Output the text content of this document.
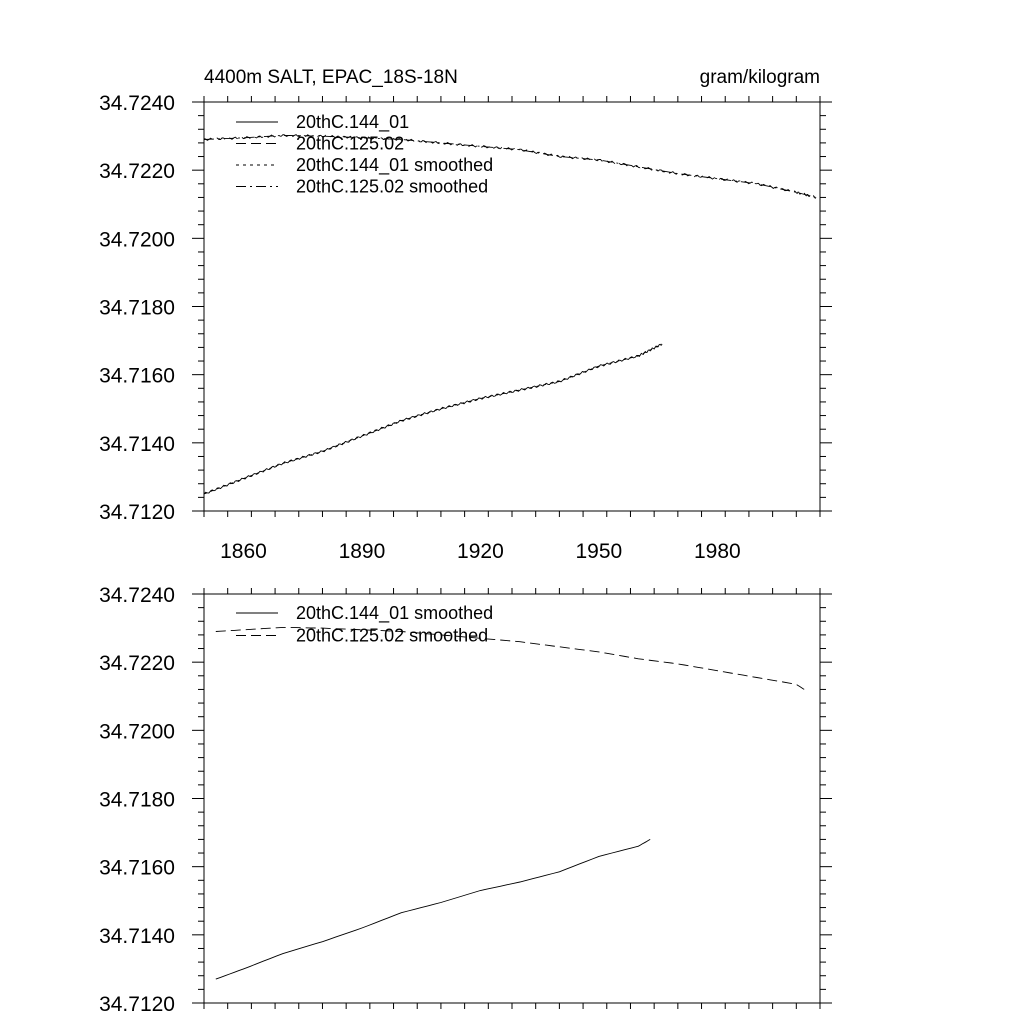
4400m SALT, EPAC_18S-18N	gram/kilogram
34.7240
34.7220
34.7200
34.7180
34.7160
34.7140
34.7120
1860	1890	1920	1950	1980
20thC.144_01
20thC.125.02
20thC.144_01 smoothed
20thC.125.02 smoothed
34.7240
34.7220
34.7200
34.7180
34.7160
34.7140
34.7120
20thC.144_01 smoothed
20thC.125.02 smoothed
